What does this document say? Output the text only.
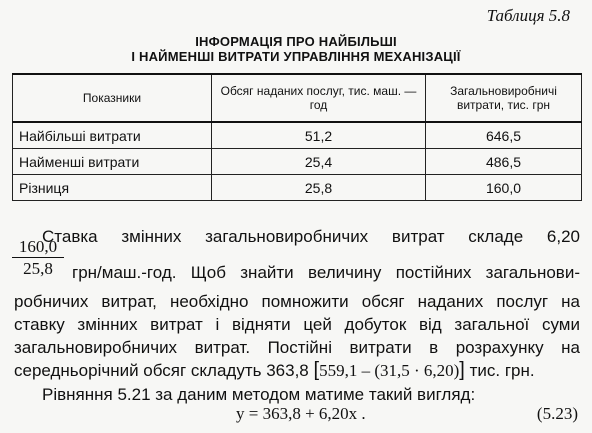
Таблиця 5.8
ІНФОРМАЦІЯ ПРО НАЙБІЛЬШІ
І НАЙМЕНШІ ВИТРАТИ УПРАВЛІННЯ МЕХАНІЗАЦІЇ
Показники	Обсяг наданих послуг, тис. маш. — год	Загальновиробничі витрати, тис. грн
Найбільші витрати	51,2	646,5
Найменші витрати	25,4	486,5
Різниця	25,8	160,0
Ставка змінних загальновиробничих витрат складе 6,20
$\frac{160,0}{25,8} грн/маш.-год$. Щоб знайти величину постійних загальнови-
робничих витрат, необхідно помножити обсяг наданих послуг на
ставку змінних витрат і відняти цей добуток від загальної суми
загальновиробничих витрат. Постійні витрати в розрахунку на
середньорічний обсяг складуть 363,8 [559,1 – (31,5 · 6,20)] тис. грн.
Рівняння 5.21 за даним методом матиме такий вигляд:
y = 363,8 + 6,20x .	(5.23)
